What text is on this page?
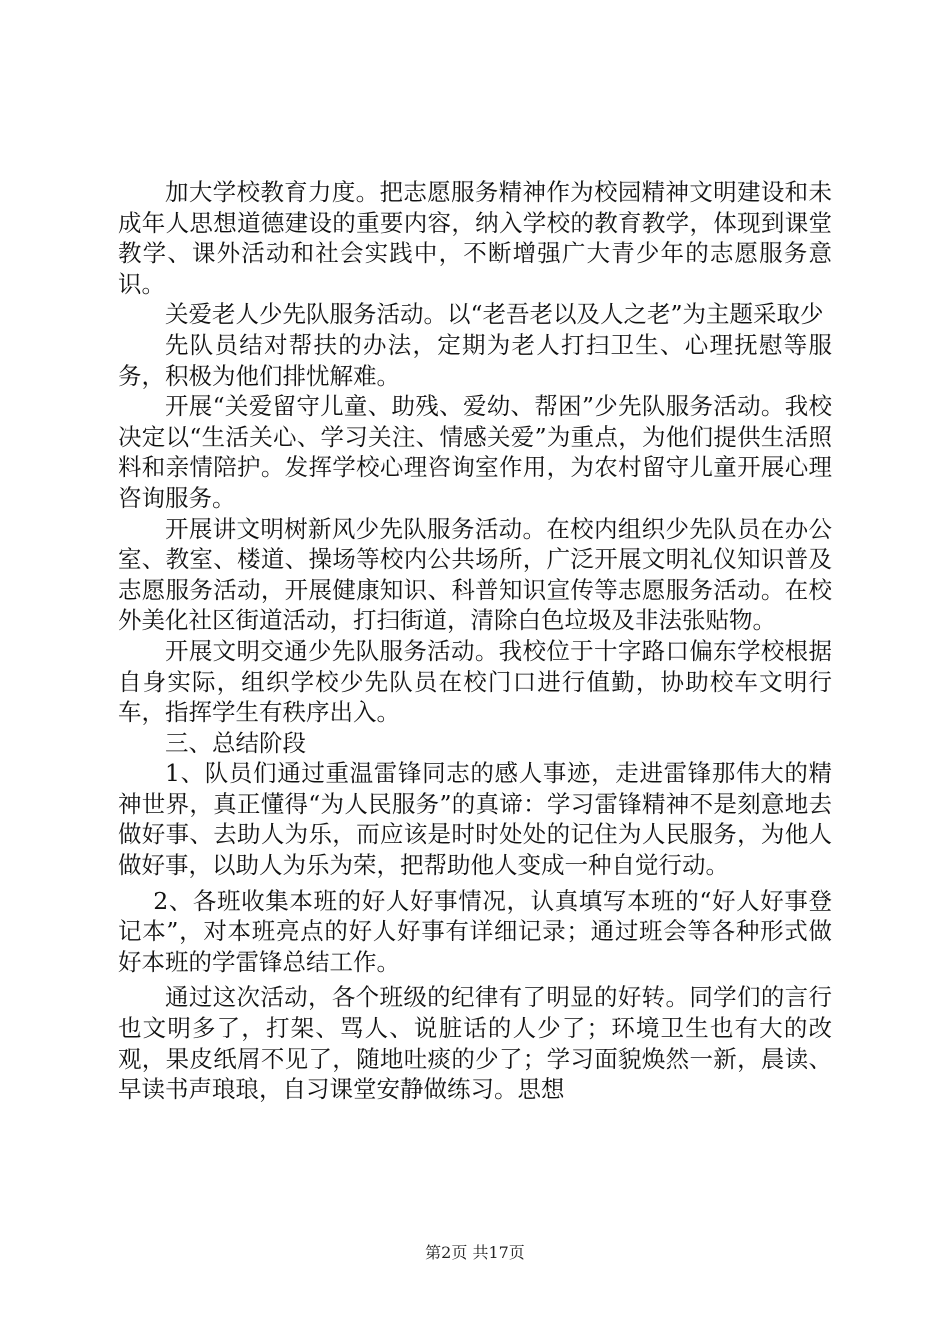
加大学校教育力度。把志愿服务精神作为校园精神文明建设和未成年人思想道德建设的重要内容，纳入学校的教育教学，体现到课堂教学、课外活动和社会实践中，不断增强广大青少年的志愿服务意识。

关爱老人少先队服务活动。以“老吾老以及人之老”为主题采取少

先队员结对帮扶的办法，定期为老人打扫卫生、心理抚慰等服务，积极为他们排忧解难。

开展“关爱留守儿童、助残、爱幼、帮困”少先队服务活动。我校决定以“生活关心、学习关注、情感关爱”为重点，为他们提供生活照料和亲情陪护。发挥学校心理咨询室作用，为农村留守儿童开展心理咨询服务。

开展讲文明树新风少先队服务活动。在校内组织少先队员在办公室、教室、楼道、操场等校内公共场所，广泛开展文明礼仪知识普及志愿服务活动，开展健康知识、科普知识宣传等志愿服务活动。在校外美化社区街道活动，打扫街道，清除白色垃圾及非法张贴物。

开展文明交通少先队服务活动。我校位于十字路口偏东学校根据自身实际，组织学校少先队员在校门口进行值勤，协助校车文明行车，指挥学生有秩序出入。

三、总结阶段

1、队员们通过重温雷锋同志的感人事迹，走进雷锋那伟大的精神世界，真正懂得“为人民服务”的真谛：学习雷锋精神不是刻意地去做好事、去助人为乐，而应该是时时处处的记住为人民服务，为他人做好事，以助人为乐为荣，把帮助他人变成一种自觉行动。

2、各班收集本班的好人好事情况，认真填写本班的“好人好事登记本”，对本班亮点的好人好事有详细记录；通过班会等各种形式做好本班的学雷锋总结工作。

通过这次活动，各个班级的纪律有了明显的好转。同学们的言行也文明多了，打架、骂人、说脏话的人少了；环境卫生也有大的改观，果皮纸屑不见了，随地吐痰的少了；学习面貌焕然一新，晨读、早读书声琅琅，自习课堂安静做练习。思想

第2页 共17页
